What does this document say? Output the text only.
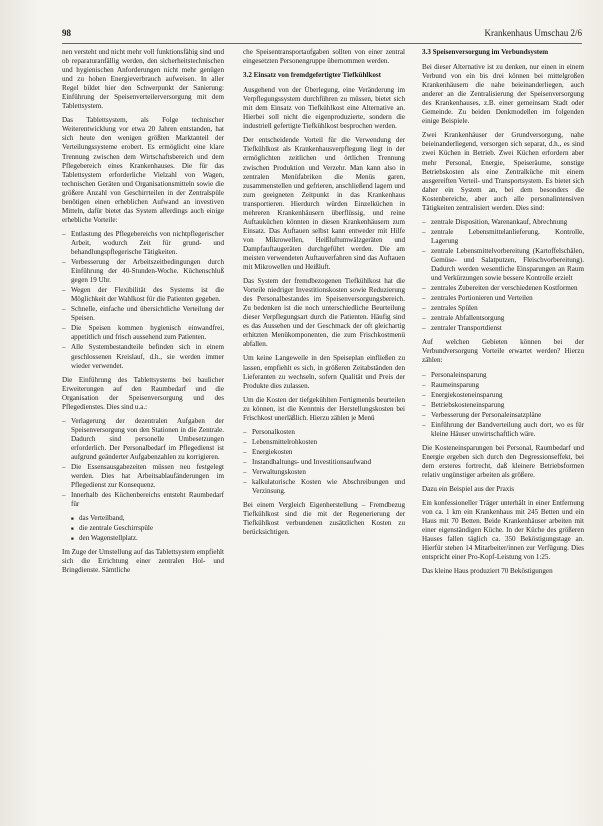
98	Krankenhaus Umschau 2/6

nen versteht und nicht mehr voll funktionsfähig sind und ob reparaturanfällig werden, den sicherheitstechnischen und hygienischen Anforderungen nicht mehr genügen und zu hohen Energieverbrauch aufweisen. In aller Regel bildet hier den Schwerpunkt der Sanierung: Einführung der Speisenverteilerversorgung mit dem Tablettsystem.

Das Tablettsystem, als Folge technischer Weiterentwicklung vor etwa 20 Jahren entstanden, hat sich heute den wenigen größten Marktanteil der Verteilungssysteme erobert. Es ermöglicht eine klare Trennung zwischen dem Wirtschaftsbereich und dem Pflegebereich eines Krankenhauses. Die für das Tablettsystem erforderliche Vielzahl von Wagen, technischen Geräten und Organisationsmitteln sowie die größere Anzahl von Geschirrteilen in der Zentralspüle benötigen einen erheblichen Aufwand an investiven Mitteln, dafür bietet das System allerdings auch einige erhebliche Vorteile:

– Entlastung des Pflegebereichs von nichtpflegerischer Arbeit, wodurch Zeit für grund- und behandlungspflegerische Tätigkeiten.
– Verbesserung der Arbeitszeitbedingungen durch Einführung der 40-Stunden-Woche. Küchenschluß gegen 19 Uhr.
– Wegen der Flexibilität des Systems ist die Möglichkeit der Wahlkost für die Patienten gegeben.
– Schnelle, einfache und übersichtliche Verteilung der Speisen.
– Die Speisen kommen hygienisch einwandfrei, appetitlich und frisch aussehend zum Patienten.
– Alle Systembestandteile befinden sich in einem geschlossenen Kreislauf, d.h., sie werden immer wieder verwendet.

Die Einführung des Tablettsystems bei baulicher Erweiterungen auf den Raumbedarf und die Organisation der Speisenversorgung und des Pflegedienstes. Dies sind u.a.:

– Verlagerung der dezentralen Aufgaben der Speisenversorgung von den Stationen in die Zentrale. Dadurch sind personelle Umbesetzungen erforderlich. Der Personalbedarf im Pflegedienst ist aufgrund geänderter Aufgabenzahlen zu korrigieren.
– Die Essensausgabezeiten müssen neu festgelegt werden. Dies hat Arbeitsablaufänderungen im Pflegedienst zur Konsequenz.
– Innerhalb des Küchenbereichs entsteht Raumbedarf für
■ das Verteilband,
■ die zentrale Geschirrspüle
■ den Wagenstellplatz.

Im Zuge der Umstellung auf das Tablettsystem empfiehlt sich die Errichtung einer zentralen Hol- und Bringdienste. Sämtliche

che Speisentransportaufgaben sollten von einer zentral eingesetzten Personengruppe übernommen werden.

3.2 Einsatz von fremdgefertigter Tiefkühlkost

Ausgehend von der Überlegung, eine Veränderung im Verpflegungssystem durchführen zu müssen, bietet sich mit dem Einsatz von Tiefkühlkost eine Alternative an. Hierbei soll nicht die eigenproduzierte, sondern die industriell gefertigte Tiefkühlkost besprochen werden.

Der entscheidende Vorteil für die Verwendung der Tiefkühlkost als Krankenhausverpflegung liegt in der ermöglichten zeitlichen und örtlichen Trennung zwischen Produktion und Verzehr. Man kann also in zentralen Menüfabriken die Menüs garen, zusammenstellen und gefrieren, anschließend lagern und zum geeigneten Zeitpunkt in das Krankenhaus transportieren. Hierdurch würden Einzelküchen in mehreren Krankenhäusern überflüssig, und reine Auftauküchen könnten in diesen Krankenhäusern zum Einsatz. Das Auftauen selbst kann entweder mit Hilfe von Mikrowellen, Heißluftumwälzgeräten und Dampfauftaugeräten durchgeführt werden. Die am meisten verwendeten Auftauverfahren sind das Auftauen mit Mikrowellen und Heißluft.

Das System der fremdbezogenen Tiefkühlkost hat die Vorteile niedriger Investitionskosten sowie Reduzierung des Personalbestandes im Speisenversorgungsbereich. Zu bedenken ist die noch unterschiedliche Beurteilung dieser Verpflegungsart durch die Patienten. Häufig sind es das Aussehen und der Geschmack der oft gleichartig erhitzten Menükomponenten, die zum Frischkostmenü abfallen.

Um keine Langeweile in den Speiseplan einfließen zu lassen, empfiehlt es sich, in größeren Zeitabständen den Lieferanten zu wechseln, sofern Qualität und Preis der Produkte dies zulassen.

Um die Kosten der tiefgekühlten Fertigmenüs beurteilen zu können, ist die Kenntnis der Herstellungskosten bei Frischkost unerläßlich. Hierzu zählen je Menü

– Personalkosten
– Lebensmittelrohkosten
– Energiekosten
– Instandhaltungs- und Investitionsaufwand
– Verwaltungskosten
– kalkulatorische Kosten wie Abschreibungen und Verzinsung.

Bei einem Vergleich Eigenherstellung – Fremdbezug Tiefkühlkost sind die mit der Regenerierung der Tiefkühlkost verbundenen zusätzlichen Kosten zu berücksichtigen.

3.3 Speisenversorgung im Verbundsystem

Bei dieser Alternative ist zu denken, nur einen in einem Verbund von ein bis drei können bei mittelgroßen Krankenhäusern die nahe beieinanderliegen, auch anderer an die Zentralisierung der Speisenversorgung des Krankenhauses, z.B. einer gemeinsam Stadt oder Gemeinde. Zu beiden Denkmodellen im folgenden einige Beispiele.

Zwei Krankenhäuser der Grundversorgung, nahe beieinanderliegend, versorgen sich separat, d.h., es sind zwei Küchen in Betrieb. Zwei Küchen erfordern aber mehr Personal, Energie, Speiseräume, sonstige Betriebskosten als eine Zentralküche mit einem ausgereiften Verteil- und Transportsystem. Es bietet sich daher ein System an, bei dem besonders die Kostenbereiche, aber auch alle personalintensiven Tätigkeiten zentralisiert werden. Dies sind:

– zentrale Disposition, Warenankauf, Abrechnung
– zentrale Lebensmittelanlieferung, Kontrolle, Lagerung
– zentrale Lebensmittelvorbereitung (Kartoffelschälen, Gemüse- und Salatputzen, Fleischvorbereitung). Dadurch werden wesentliche Einsparungen an Raum und Verkürzungen sowie bessere Kontrolle erzielt
– zentrales Zubereiten der verschiedenen Kostformen
– zentrales Portionieren und Verteilen
– zentrales Spülen
– zentrale Abfallentsorgung
– zentraler Transportdienst

Auf welchen Gebieten können bei der Verbundversorgung Vorteile erwartet werden? Hierzu zählen:

– Personaleinsparung
– Raumeinsparung
– Energiekosteneinsparung
– Betriebskosteneinsparung
– Verbesserung der Personaleinsatzpläne
– Einführung der Bandverteilung auch dort, wo es für kleine Häuser unwirtschaftlich wäre.

Die Kosteneinsparungen bei Personal, Raumbedarf und Energie ergeben sich durch den Degressionseffekt, bei dem ersteres fortrecht, daß kleinere Betriebsformen relativ ungünstiger arbeiten als größere.

Dazu ein Beispiel aus der Praxis

Ein konfessioneller Träger unterhält in einer Entfernung von ca. 1 km ein Krankenhaus mit 245 Betten und ein Haus mit 70 Betten. Beide Krankenhäuser arbeiten mit einer eigenständigen Küche. In der Küche des größeren Hauses fallen täglich ca. 350 Beköstigungstage an. Hierfür stehen 14 Mitarbeiter/innen zur Verfügung. Dies entspricht einer Pro-Kopf-Leistung von 1:25.

Das kleine Haus produziert 70 Beköstigungen
